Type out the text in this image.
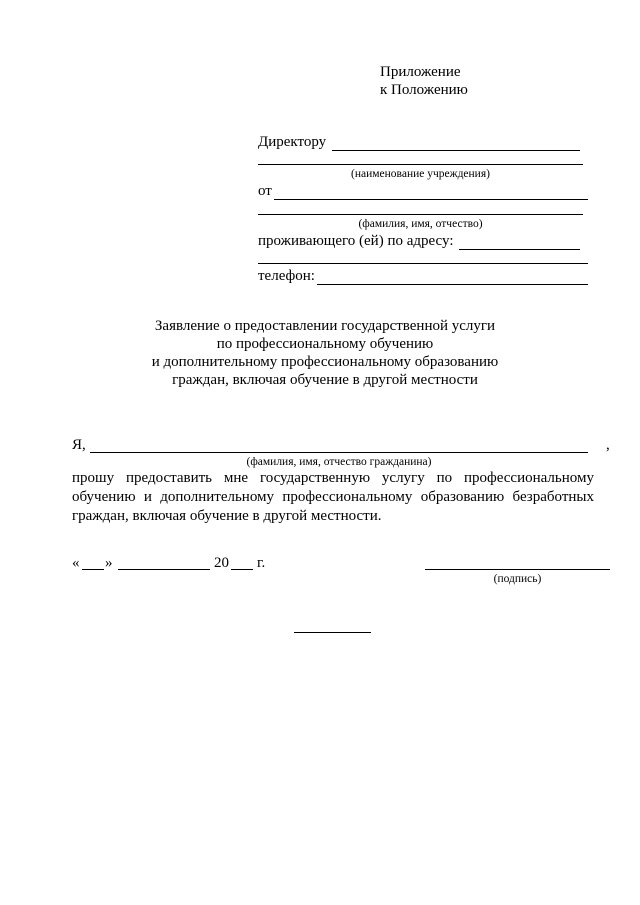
Приложение
к Положению
Директору
(наименование учреждения)
от
(фамилия, имя, отчество)
проживающего (ей) по адресу:
телефон:
Заявление о предоставлении государственной услуги
по профессиональному обучению
и дополнительному профессиональному образованию
граждан, включая обучение в другой местности
Я,	,
(фамилия, имя, отчество гражданина)
прошу предоставить мне государственную услугу по профессиональному
обучению и дополнительному профессиональному образованию безработных
граждан, включая обучение в другой местности.
« »	20 г.
(подпись)
